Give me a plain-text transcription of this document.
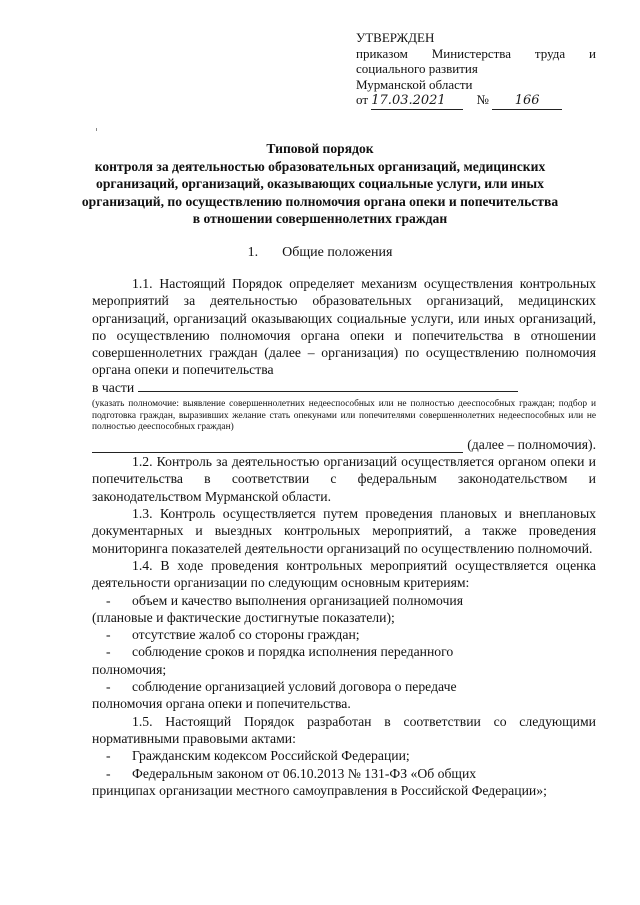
УТВЕРЖДЕН
приказом Министерства труда и
социального развития
Мурманской области
от 17.03.2021 № 166
Типовой порядок
контроля за деятельностью образовательных организаций, медицинских организаций, организаций, оказывающих социальные услуги, или иных организаций, по осуществлению полномочия органа опеки и попечительства в отношении совершеннолетних граждан
1. Общие положения

1.1. Настоящий Порядок определяет механизм осуществления контрольных мероприятий за деятельностью образовательных организаций, медицинских организаций, организаций оказывающих социальные услуги, или иных организаций, по осуществлению полномочия органа опеки и попечительства в отношении совершеннолетних граждан (далее – организация) по осуществлению полномочия органа опеки и попечительства
в части

(указать полномочие: выявление совершеннолетних недееспособных или не полностью дееспособных граждан; подбор и подготовка граждан, выразивших желание стать опекунами или попечителями совершеннолетних недееспособных или не полностью дееспособных граждан)

(далее – полномочия).

1.2. Контроль за деятельностью организаций осуществляется органом опеки и попечительства в соответствии с федеральным законодательством и законодательством Мурманской области.

1.3. Контроль осуществляется путем проведения плановых и внеплановых документарных и выездных контрольных мероприятий, а также проведения мониторинга показателей деятельности организаций по осуществлению полномочий.

1.4. В ходе проведения контрольных мероприятий осуществляется оценка деятельности организации по следующим основным критериям:

-	объем и качество выполнения организацией полномочия
(плановые и фактические достигнутые показатели);
-	отсутствие жалоб со стороны граждан;
-	соблюдение сроков и порядка исполнения переданного
полномочия;
-	соблюдение организацией условий договора о передаче
полномочия органа опеки и попечительства.

1.5. Настоящий Порядок разработан в соответствии со следующими нормативными правовыми актами:

-	Гражданским кодексом Российской Федерации;
-	Федеральным законом от 06.10.2013 № 131-ФЗ «Об общих
принципах организации местного самоуправления в Российской Федерации»;
